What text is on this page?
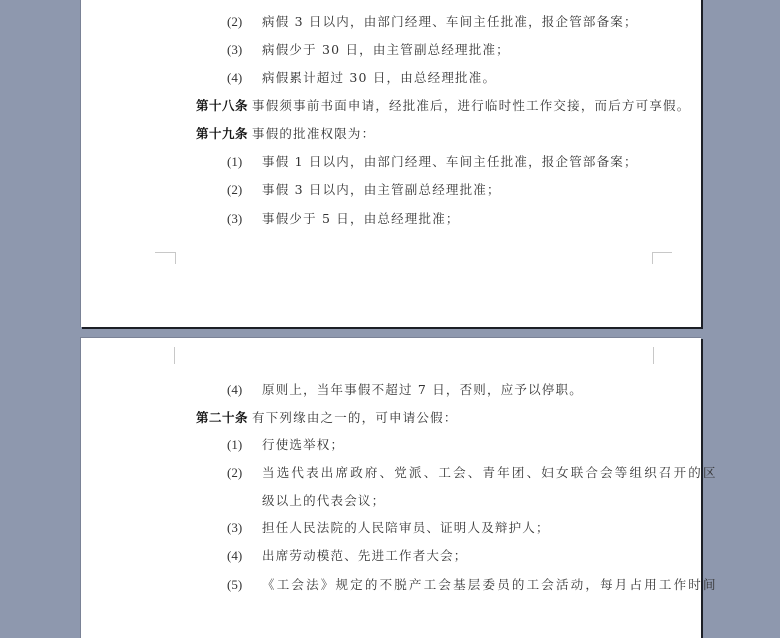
(2) 病假 3 日以内，由部门经理、车间主任批准，报企管部备案；
(3) 病假少于 30 日，由主管副总经理批准；
(4) 病假累计超过 30 日，由总经理批准。
第十八条 事假须事前书面申请，经批准后，进行临时性工作交接，而后方可享假。
第十九条 事假的批准权限为：
(1) 事假 1 日以内，由部门经理、车间主任批准，报企管部备案；
(2) 事假 3 日以内，由主管副总经理批准；
(3) 事假少于 5 日，由总经理批准；
(4) 原则上，当年事假不超过 7 日，否则，应予以停职。
第二十条 有下列缘由之一的，可申请公假：
(1) 行使选举权；
(2) 当选代表出席政府、党派、工会、青年团、妇女联合会等组织召开的区
级以上的代表会议；
(3) 担任人民法院的人民陪审员、证明人及辩护人；
(4) 出席劳动模范、先进工作者大会；
(5) 《工会法》规定的不脱产工会基层委员的工会活动，每月占用工作时间
